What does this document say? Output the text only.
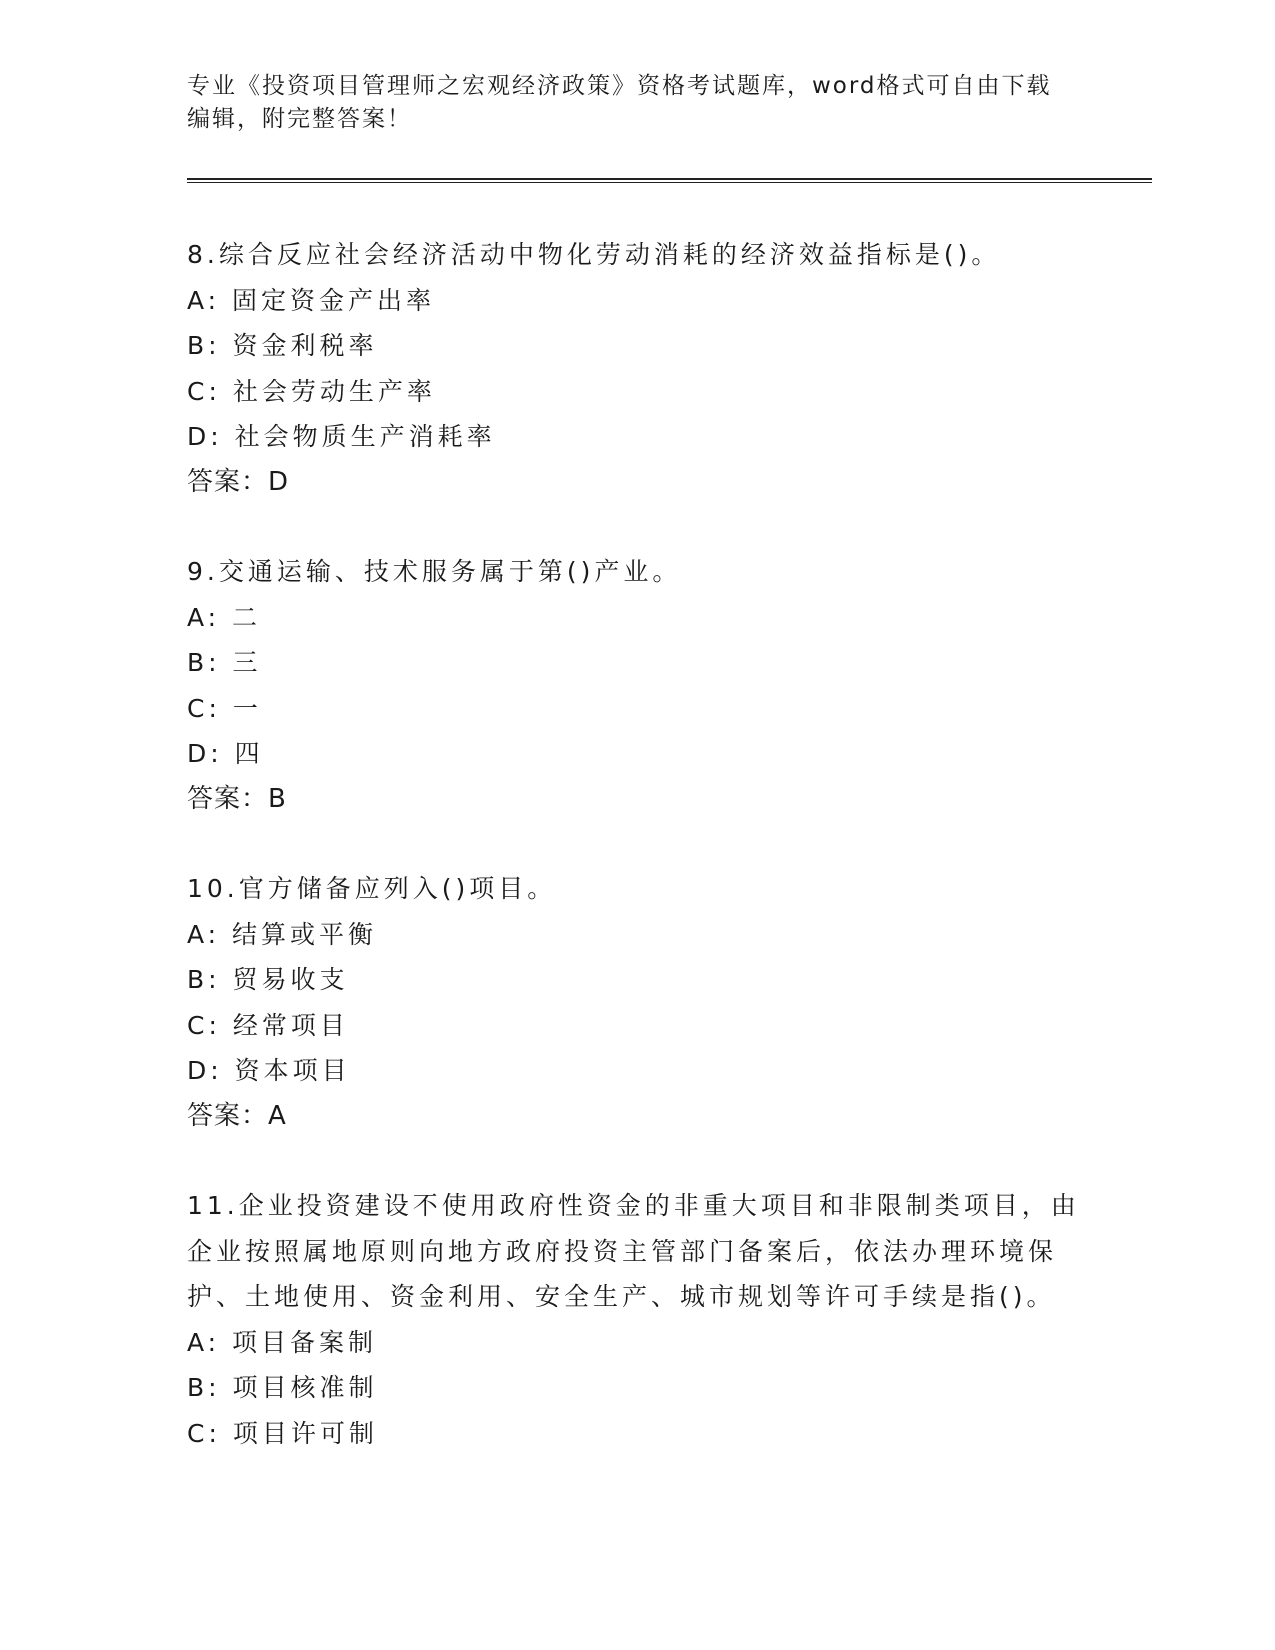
专业《投资项目管理师之宏观经济政策》资格考试题库，word格式可自由下载编辑，附完整答案！
8.综合反应社会经济活动中物化劳动消耗的经济效益指标是()。
A: 固定资金产出率
B: 资金利税率
C: 社会劳动生产率
D: 社会物质生产消耗率
答案：D
9.交通运输、技术服务属于第()产业。
A: 二
B: 三
C: 一
D: 四
答案：B
10.官方储备应列入()项目。
A: 结算或平衡
B: 贸易收支
C: 经常项目
D: 资本项目
答案：A
11.企业投资建设不使用政府性资金的非重大项目和非限制类项目，由企业按照属地原则向地方政府投资主管部门备案后，依法办理环境保护、土地使用、资金利用、安全生产、城市规划等许可手续是指()。
A: 项目备案制
B: 项目核准制
C: 项目许可制
